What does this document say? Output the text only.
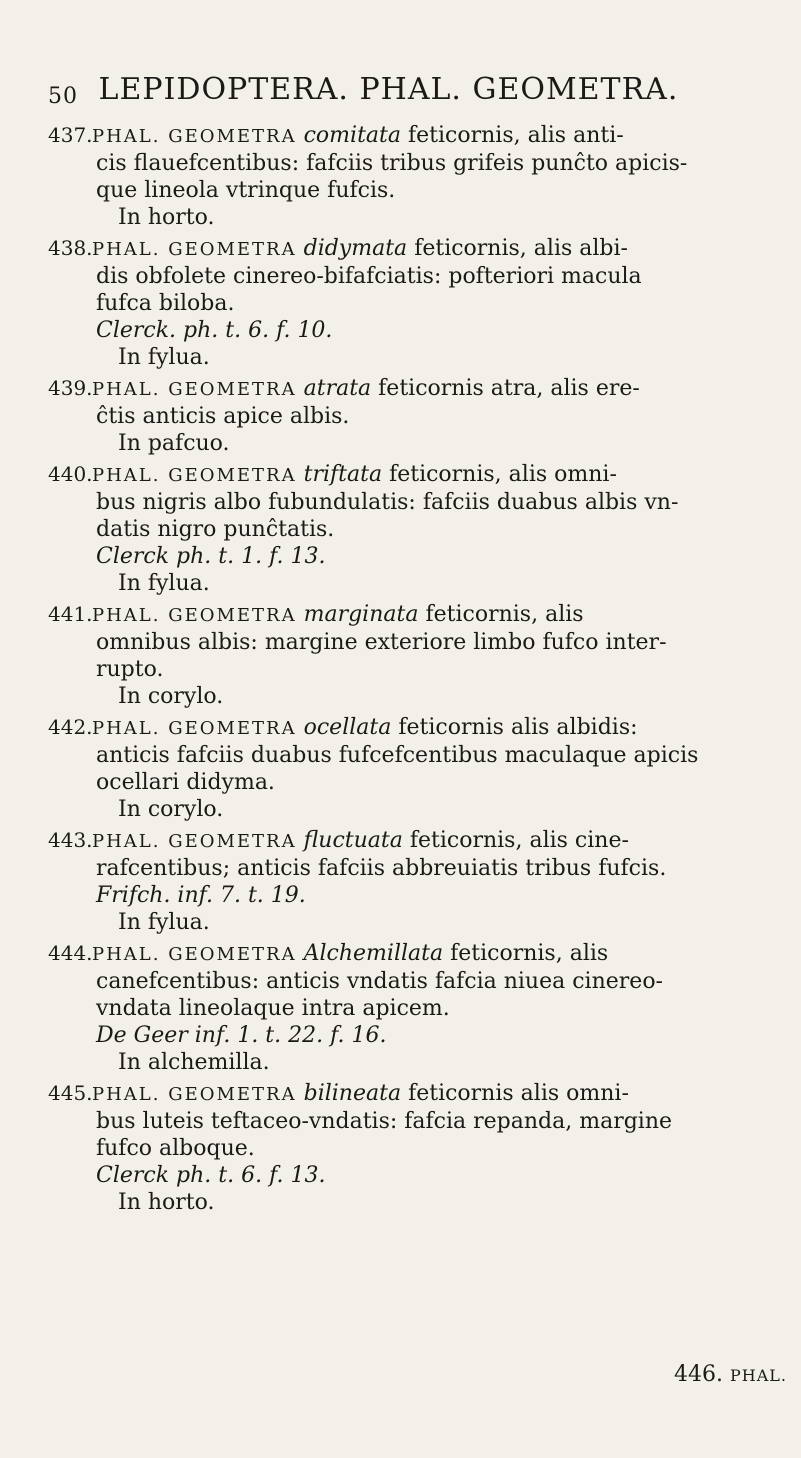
50 LEPIDOPTERA. PHAL. GEOMETRA.

437.PHAL. GEOMETRA comitata feticornis, alis anti-

cis flauefcentibus: fafciis tribus grifeis punĉto apicis-

que lineola vtrinque fufcis.

In horto.

438.PHAL. GEOMETRA didymata feticornis, alis albi-

dis obfolete cinereo-bifafciatis: pofteriori macula

fufca biloba.

Clerck. ph. t. 6. f. 10.

In fylua.

439.PHAL. GEOMETRA atrata feticornis atra, alis ere-

ĉtis anticis apice albis.

In pafcuo.

440.PHAL. GEOMETRA triftata feticornis, alis omni-

bus nigris albo fubundulatis: fafciis duabus albis vn-

datis nigro punĉtatis.

Clerck ph. t. 1. f. 13.

In fylua.

441.PHAL. GEOMETRA marginata feticornis, alis

omnibus albis: margine exteriore limbo fufco inter-

rupto.

In corylo.

442.PHAL. GEOMETRA ocellata feticornis alis albidis:

anticis fafciis duabus fufcefcentibus maculaque apicis

ocellari didyma.

In corylo.

443.PHAL. GEOMETRA fluctuata feticornis, alis cine-

rafcentibus; anticis fafciis abbreuiatis tribus fufcis.

Frifch. inf. 7. t. 19.

In fylua.

444.PHAL. GEOMETRA Alchemillata feticornis, alis

canefcentibus: anticis vndatis fafcia niuea cinereo-

vndata lineolaque intra apicem.

De Geer inf. 1. t. 22. f. 16.

In alchemilla.

445.PHAL. GEOMETRA bilineata feticornis alis omni-

bus luteis teftaceo-vndatis: fafcia repanda, margine

fufco alboque.

Clerck ph. t. 6. f. 13.

In horto.

446. PHAL.
